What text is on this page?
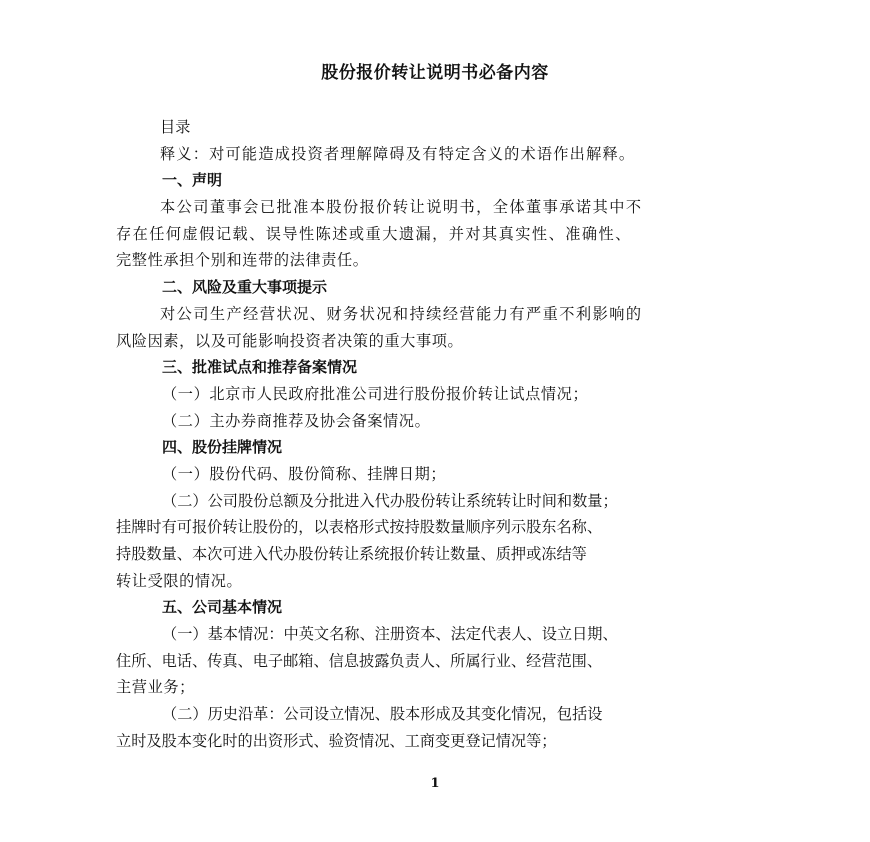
股份报价转让说明书必备内容
目录
释义：对可能造成投资者理解障碍及有特定含义的术语作出解释。
一、声明
本公司董事会已批准本股份报价转让说明书，全体董事承诺其中不
存在任何虚假记载、误导性陈述或重大遗漏，并对其真实性、准确性、
完整性承担个别和连带的法律责任。
二、风险及重大事项提示
对公司生产经营状况、财务状况和持续经营能力有严重不利影响的
风险因素，以及可能影响投资者决策的重大事项。
三、批准试点和推荐备案情况
（一）北京市人民政府批准公司进行股份报价转让试点情况；
（二）主办券商推荐及协会备案情况。
四、股份挂牌情况
（一）股份代码、股份简称、挂牌日期；
（二）公司股份总额及分批进入代办股份转让系统转让时间和数量；
挂牌时有可报价转让股份的，以表格形式按持股数量顺序列示股东名称、
持股数量、本次可进入代办股份转让系统报价转让数量、质押或冻结等
转让受限的情况。
五、公司基本情况
（一）基本情况：中英文名称、注册资本、法定代表人、设立日期、
住所、电话、传真、电子邮箱、信息披露负责人、所属行业、经营范围、
主营业务；
（二）历史沿革：公司设立情况、股本形成及其变化情况，包括设
立时及股本变化时的出资形式、验资情况、工商变更登记情况等；
1
